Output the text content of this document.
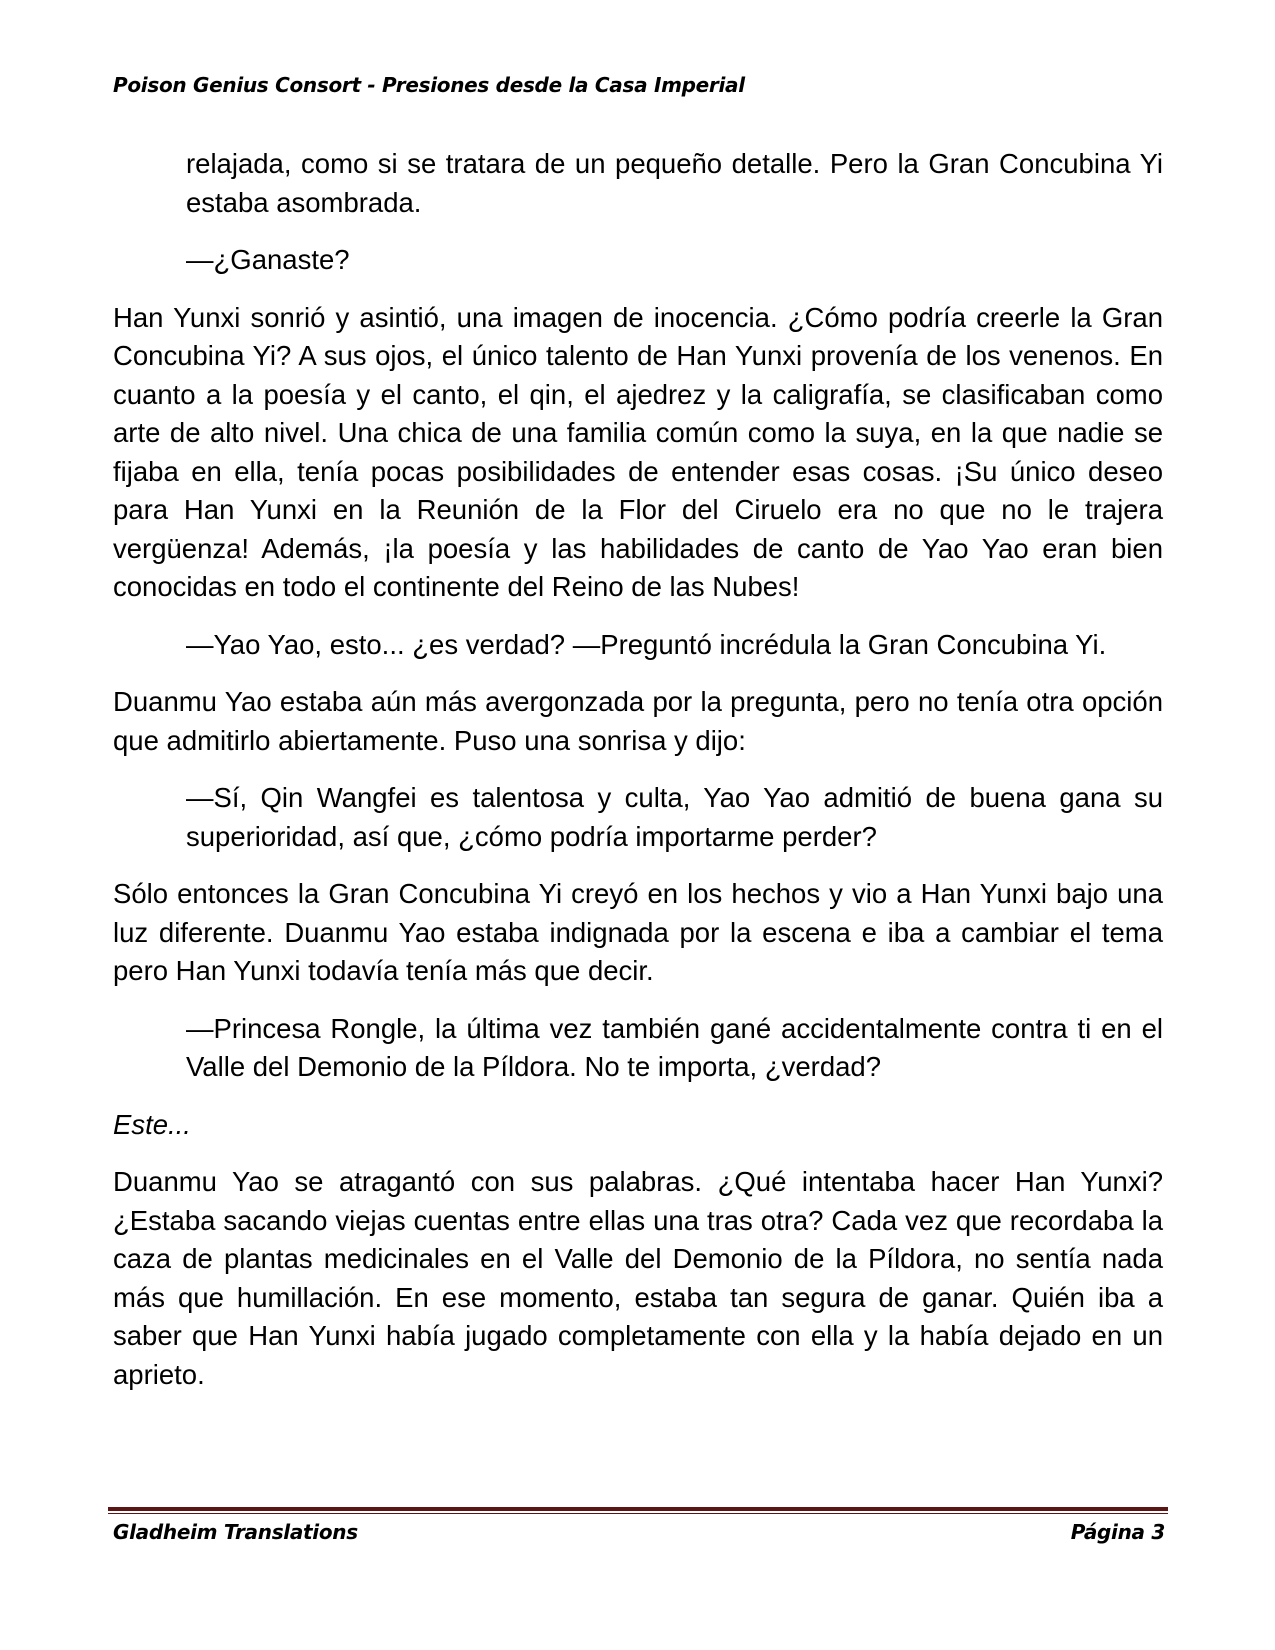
Poison Genius Consort - Presiones desde la Casa Imperial

relajada, como si se tratara de un pequeño detalle. Pero la Gran Concubina Yi estaba asombrada.

—¿Ganaste?

Han Yunxi sonrió y asintió, una imagen de inocencia. ¿Cómo podría creerle la Gran Concubina Yi? A sus ojos, el único talento de Han Yunxi provenía de los venenos. En cuanto a la poesía y el canto, el qin, el ajedrez y la caligrafía, se clasificaban como arte de alto nivel. Una chica de una familia común como la suya, en la que nadie se fijaba en ella, tenía pocas posibilidades de entender esas cosas. ¡Su único deseo para Han Yunxi en la Reunión de la Flor del Ciruelo era no que no le trajera vergüenza! Además, ¡la poesía y las habilidades de canto de Yao Yao eran bien conocidas en todo el continente del Reino de las Nubes!

—Yao Yao, esto... ¿es verdad? —Preguntó incrédula la Gran Concubina Yi.

Duanmu Yao estaba aún más avergonzada por la pregunta, pero no tenía otra opción que admitirlo abiertamente. Puso una sonrisa y dijo:

—Sí, Qin Wangfei es talentosa y culta, Yao Yao admitió de buena gana su superioridad, así que, ¿cómo podría importarme perder?

Sólo entonces la Gran Concubina Yi creyó en los hechos y vio a Han Yunxi bajo una luz diferente. Duanmu Yao estaba indignada por la escena e iba a cambiar el tema pero Han Yunxi todavía tenía más que decir.

—Princesa Rongle, la última vez también gané accidentalmente contra ti en el Valle del Demonio de la Píldora. No te importa, ¿verdad?

Este...

Duanmu Yao se atragantó con sus palabras. ¿Qué intentaba hacer Han Yunxi? ¿Estaba sacando viejas cuentas entre ellas una tras otra? Cada vez que recordaba la caza de plantas medicinales en el Valle del Demonio de la Píldora, no sentía nada más que humillación. En ese momento, estaba tan segura de ganar. Quién iba a saber que Han Yunxi había jugado completamente con ella y la había dejado en un aprieto.

Gladheim Translations	Página 3
